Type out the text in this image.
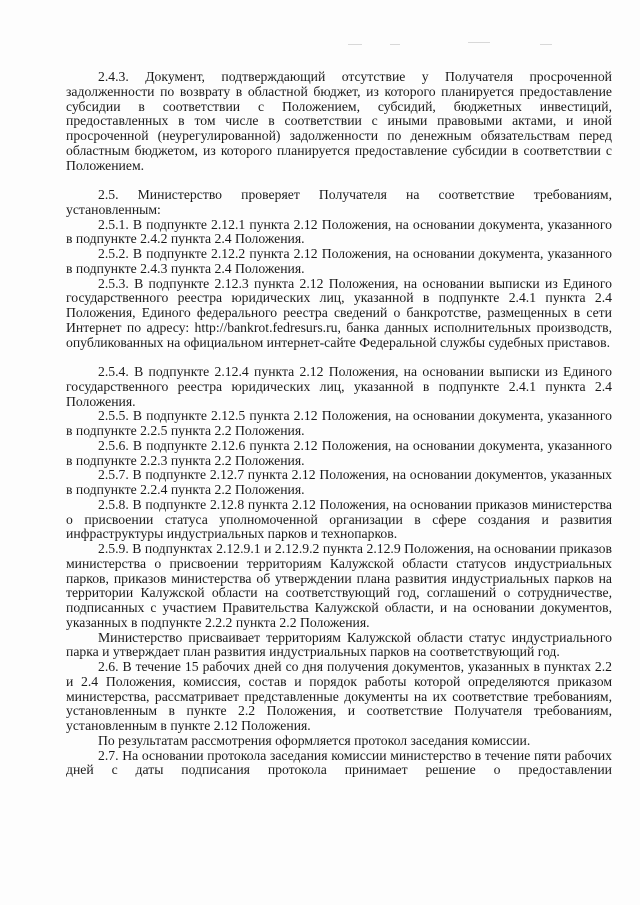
2.4.3. Документ, подтверждающий отсутствие у Получателя просроченной задолженности по возврату в областной бюджет, из которого планируется предоставление субсидии в соответствии с Положением, субсидий, бюджетных инвестиций, предоставленных в том числе в соответствии с иными правовыми актами, и иной просроченной (неурегулированной) задолженности по денежным обязательствам перед областным бюджетом, из которого планируется предоставление субсидии в соответствии с Положением.

2.5. Министерство проверяет Получателя на соответствие требованиям, установленным:

2.5.1. В подпункте 2.12.1 пункта 2.12 Положения, на основании документа, указанного в подпункте 2.4.2 пункта 2.4 Положения.

2.5.2. В подпункте 2.12.2 пункта 2.12 Положения, на основании документа, указанного в подпункте 2.4.3 пункта 2.4 Положения.

2.5.3. В подпункте 2.12.3 пункта 2.12 Положения, на основании выписки из Единого государственного реестра юридических лиц, указанной в подпункте 2.4.1 пункта 2.4 Положения, Единого федерального реестра сведений о банкротстве, размещенных в сети Интернет по адресу: http://bankrot.fedresurs.ru, банка данных исполнительных производств, опубликованных на официальном интернет-сайте Федеральной службы судебных приставов.

2.5.4. В подпункте 2.12.4 пункта 2.12 Положения, на основании выписки из Единого государственного реестра юридических лиц, указанной в подпункте 2.4.1 пункта 2.4 Положения.

2.5.5. В подпункте 2.12.5 пункта 2.12 Положения, на основании документа, указанного в подпункте 2.2.5 пункта 2.2 Положения.

2.5.6. В подпункте 2.12.6 пункта 2.12 Положения, на основании документа, указанного в подпункте 2.2.3 пункта 2.2 Положения.

2.5.7. В подпункте 2.12.7 пункта 2.12 Положения, на основании документов, указанных в подпункте 2.2.4 пункта 2.2 Положения.

2.5.8. В подпункте 2.12.8 пункта 2.12 Положения, на основании приказов министерства о присвоении статуса уполномоченной организации в сфере создания и развития инфраструктуры индустриальных парков и технопарков.

2.5.9. В подпунктах 2.12.9.1 и 2.12.9.2 пункта 2.12.9 Положения, на основании приказов министерства о присвоении территориям Калужской области статусов индустриальных парков, приказов министерства об утверждении плана развития индустриальных парков на территории Калужской области на соответствующий год, соглашений о сотрудничестве, подписанных с участием Правительства Калужской области, и на основании документов, указанных в подпункте 2.2.2 пункта 2.2 Положения.

Министерство присваивает территориям Калужской области статус индустриального парка и утверждает план развития индустриальных парков на соответствующий год.

2.6. В течение 15 рабочих дней со дня получения документов, указанных в пунктах 2.2 и 2.4 Положения, комиссия, состав и порядок работы которой определяются приказом министерства, рассматривает представленные документы на их соответствие требованиям, установленным в пункте 2.2 Положения, и соответствие Получателя требованиям, установленным в пункте 2.12 Положения.

По результатам рассмотрения оформляется протокол заседания комиссии.

2.7. На основании протокола заседания комиссии министерство в течение пяти рабочих дней с даты подписания протокола принимает решение о предоставлении
